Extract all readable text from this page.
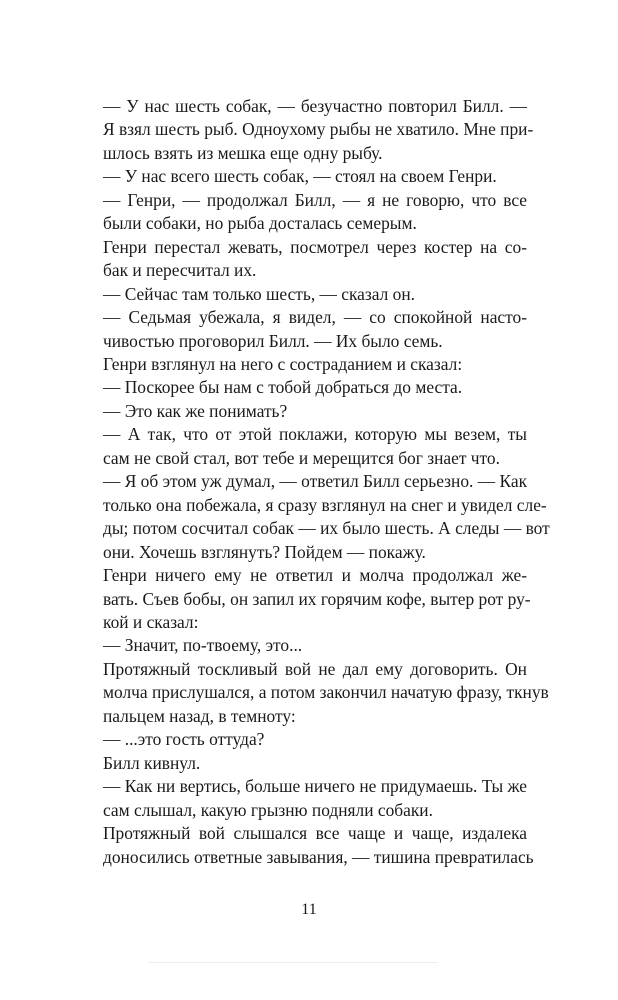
— У нас шесть собак, — безучастно повторил Билл. —
Я взял шесть рыб. Одноухому рыбы не хватило. Мне при-
шлось взять из мешка еще одну рыбу.

— У нас всего шесть собак, — стоял на своем Генри.

— Генри, — продолжал Билл, — я не говорю, что все
были собаки, но рыба досталась семерым.

Генри перестал жевать, посмотрел через костер на со-
бак и пересчитал их.

— Сейчас там только шесть, — сказал он.

— Седьмая убежала, я видел, — со спокойной насто-
чивостью проговорил Билл. — Их было семь.

Генри взглянул на него с состраданием и сказал:

— Поскорее бы нам с тобой добраться до места.

— Это как же понимать?

— А так, что от этой поклажи, которую мы везем, ты
сам не свой стал, вот тебе и мерещится бог знает что.

— Я об этом уж думал, — ответил Билл серьезно. — Как
только она побежала, я сразу взглянул на снег и увидел сле-
ды; потом сосчитал собак — их было шесть. А следы — вот
они. Хочешь взглянуть? Пойдем — покажу.

Генри ничего ему не ответил и молча продолжал же-
вать. Съев бобы, он запил их горячим кофе, вытер рот ру-
кой и сказал:

— Значит, по-твоему, это...

Протяжный тоскливый вой не дал ему договорить. Он
молча прислушался, а потом закончил начатую фразу, ткнув
пальцем назад, в темноту:

— ...это гость оттуда?

Билл кивнул.

— Как ни вертись, больше ничего не придумаешь. Ты же
сам слышал, какую грызню подняли собаки.

Протяжный вой слышался все чаще и чаще, издалека
доносились ответные завывания, — тишина превратилась

11
